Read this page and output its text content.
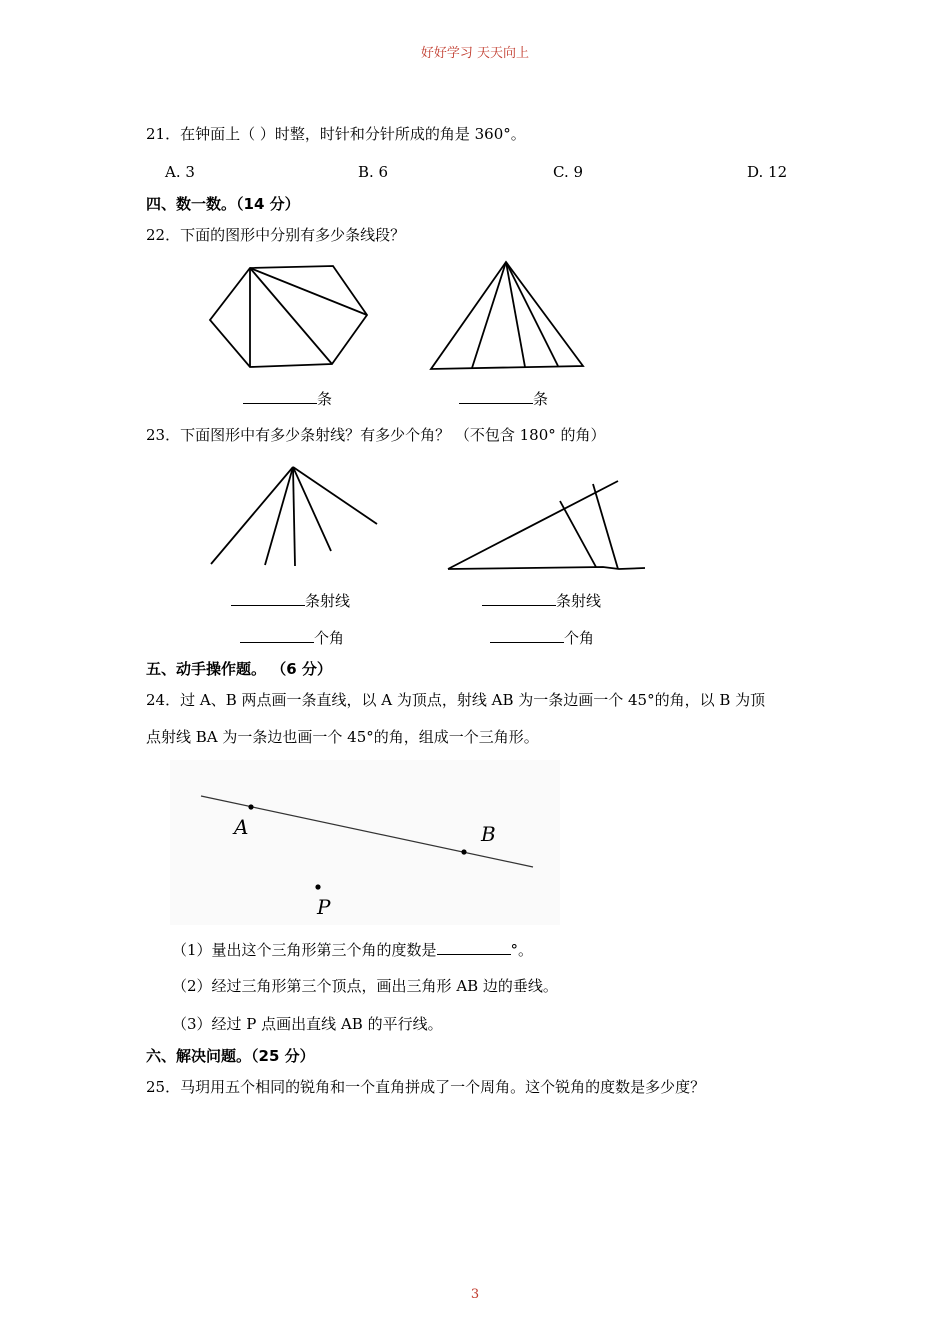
好好学习 天天向上
21．在钟面上（ ）时整，时针和分针所成的角是 360°。
A. 3	B. 6	C. 9	D. 12
四、数一数。（14 分）
22．下面的图形中分别有多少条线段？
条	条
23．下面图形中有多少条射线？有多少个角？ （不包含 180° 的角）
条射线	条射线
个角	个角
五、动手操作题。 （6 分）
24．过 A、B 两点画一条直线，以 A 为顶点，射线 AB 为一条边画一个 45°的角，以 B 为顶
点射线 BA 为一条边也画一个 45°的角，组成一个三角形。
A	B
P
（1）量出这个三角形第三个角的度数是	°。
（2）经过三角形第三个顶点，画出三角形 AB 边的垂线。
（3）经过 P 点画出直线 AB 的平行线。
六、解决问题。（25 分）
25．马玥用五个相同的锐角和一个直角拼成了一个周角。这个锐角的度数是多少度？
3
